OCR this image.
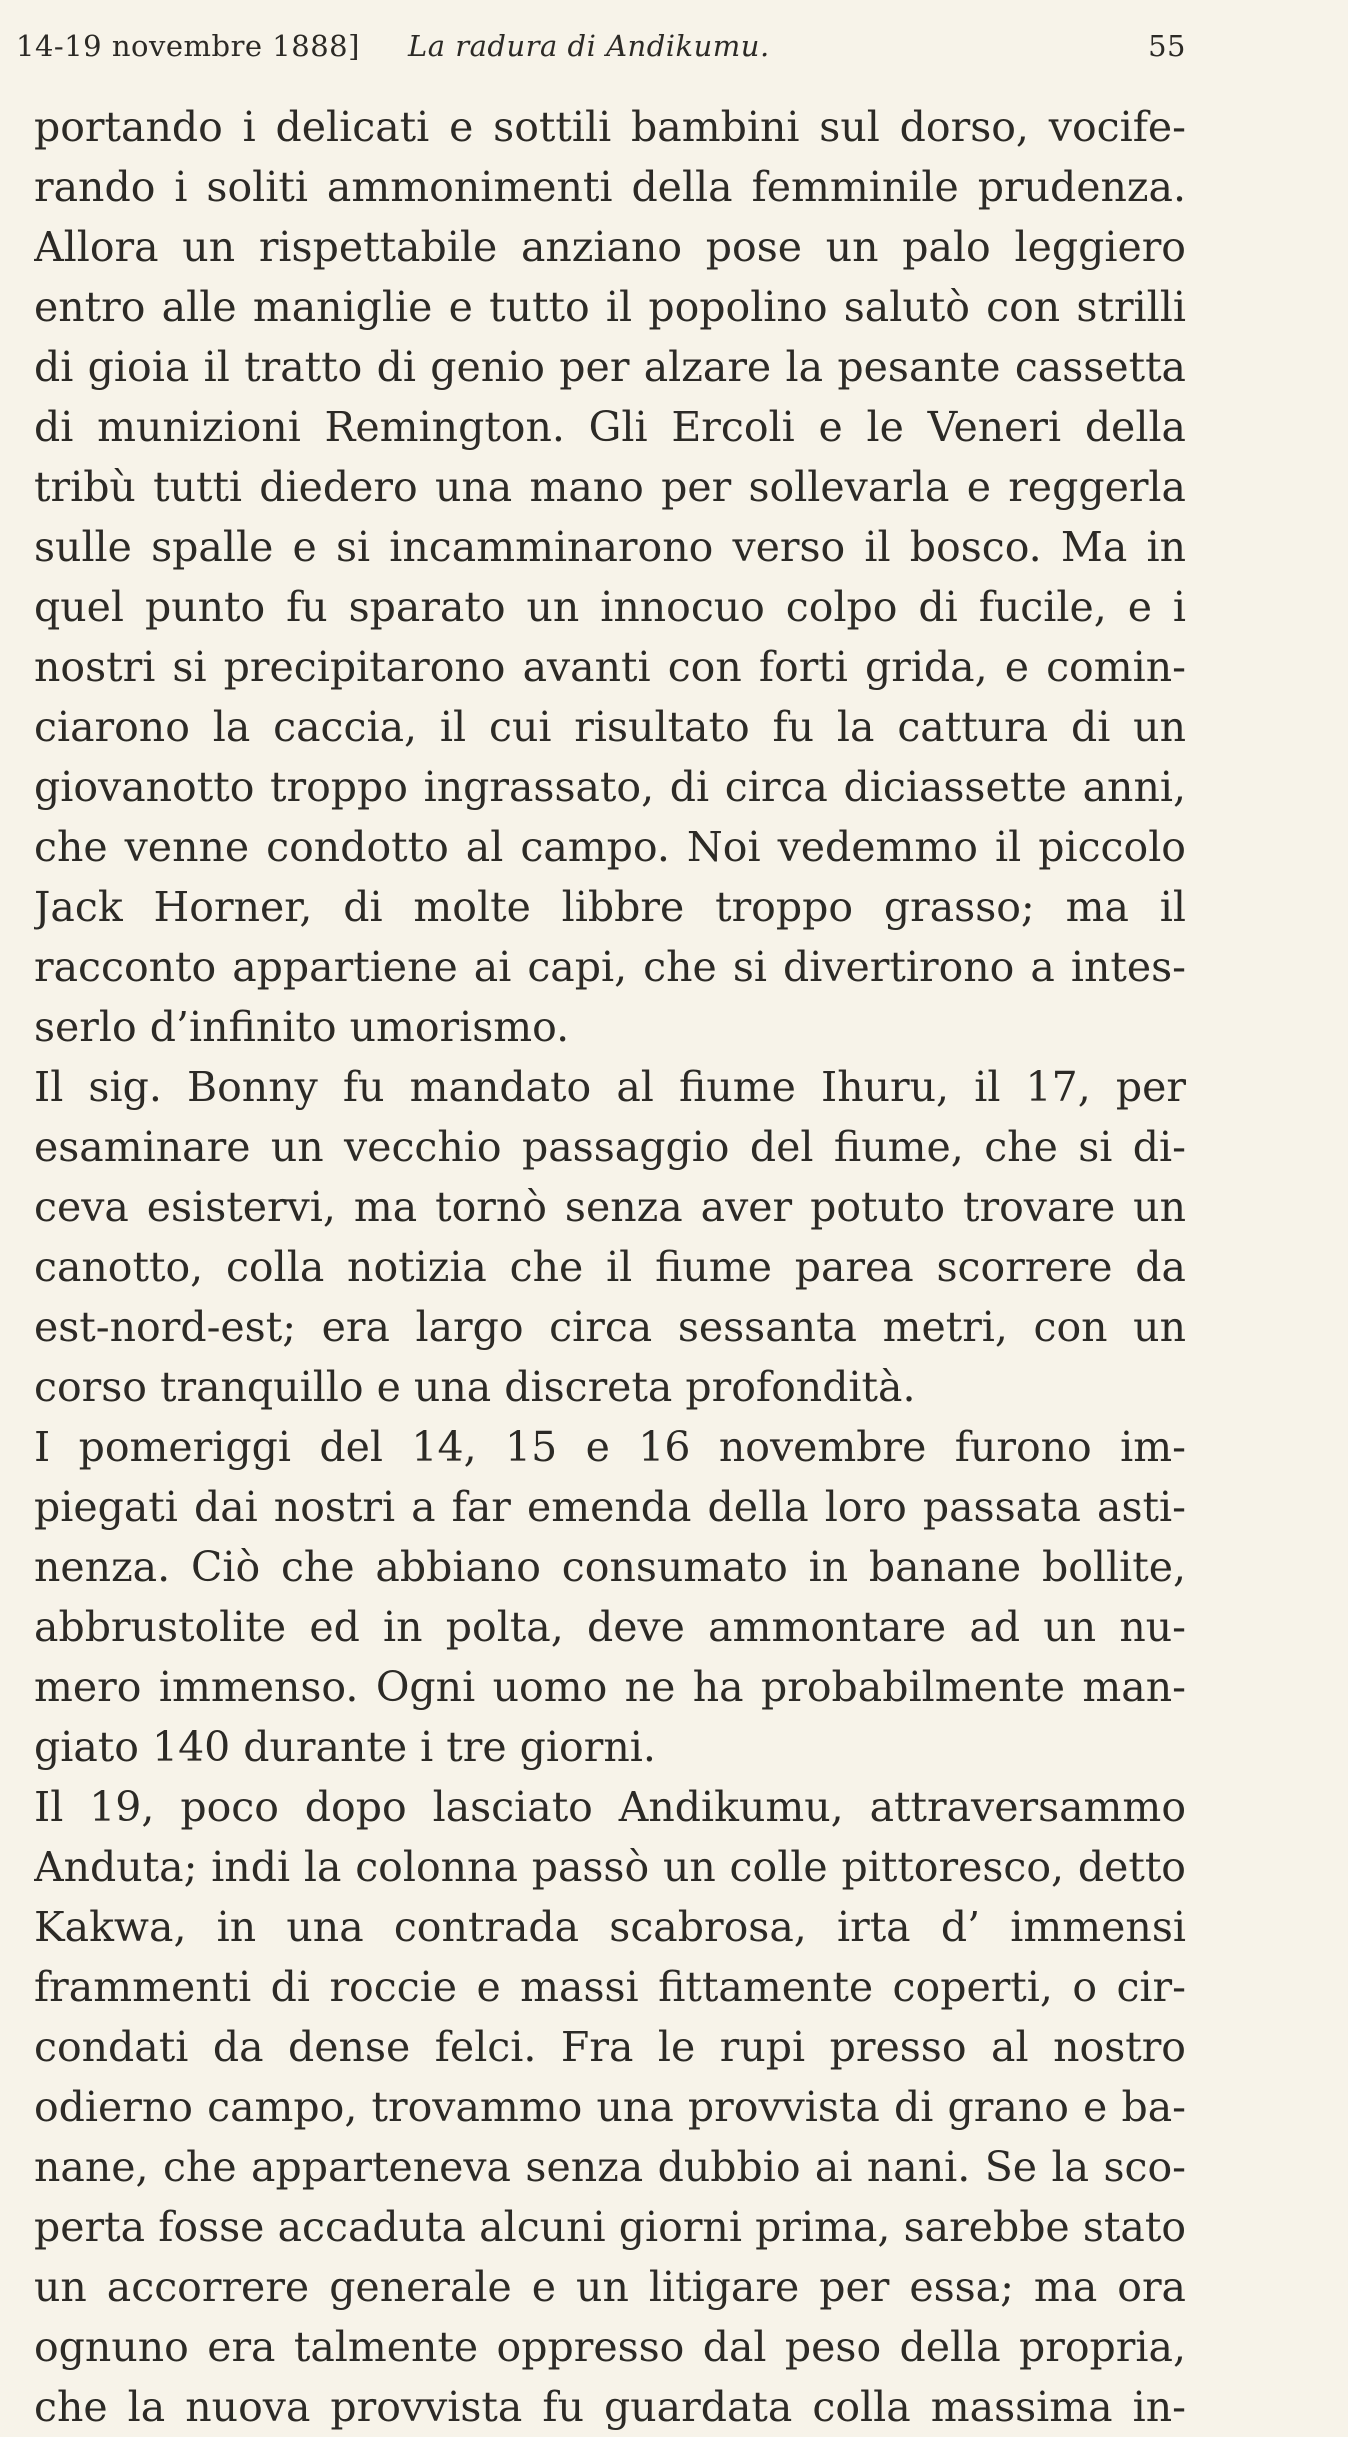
14-19 novembre 1888] La radura di Andikumu.	55
portando i delicati e sottili bambini sul dorso, vocife-
rando i soliti ammonimenti della femminile prudenza.
Allora un rispettabile anziano pose un palo leggiero
entro alle maniglie e tutto il popolino salutò con strilli
di gioia il tratto di genio per alzare la pesante cassetta
di munizioni Remington. Gli Ercoli e le Veneri della
tribù tutti diedero una mano per sollevarla e reggerla
sulle spalle e si incamminarono verso il bosco. Ma in
quel punto fu sparato un innocuo colpo di fucile, e i
nostri si precipitarono avanti con forti grida, e comin-
ciarono la caccia, il cui risultato fu la cattura di un
giovanotto troppo ingrassato, di circa diciassette anni,
che venne condotto al campo. Noi vedemmo il piccolo
Jack Horner, di molte libbre troppo grasso; ma il
racconto appartiene ai capi, che si divertirono a intes-
serlo d’infinito umorismo.
Il sig. Bonny fu mandato al fiume Ihuru, il 17, per
esaminare un vecchio passaggio del fiume, che si di-
ceva esistervi, ma tornò senza aver potuto trovare un
canotto, colla notizia che il fiume parea scorrere da
est-nord-est; era largo circa sessanta metri, con un
corso tranquillo e una discreta profondità.
I pomeriggi del 14, 15 e 16 novembre furono im-
piegati dai nostri a far emenda della loro passata asti-
nenza. Ciò che abbiano consumato in banane bollite,
abbrustolite ed in polta, deve ammontare ad un nu-
mero immenso. Ogni uomo ne ha probabilmente man-
giato 140 durante i tre giorni.
Il 19, poco dopo lasciato Andikumu, attraversammo
Anduta; indi la colonna passò un colle pittoresco, detto
Kakwa, in una contrada scabrosa, irta d’ immensi
frammenti di roccie e massi fittamente coperti, o cir-
condati da dense felci. Fra le rupi presso al nostro
odierno campo, trovammo una provvista di grano e ba-
nane, che apparteneva senza dubbio ai nani. Se la sco-
perta fosse accaduta alcuni giorni prima, sarebbe stato
un accorrere generale e un litigare per essa; ma ora
ognuno era talmente oppresso dal peso della propria,
che la nuova provvista fu guardata colla massima in-
